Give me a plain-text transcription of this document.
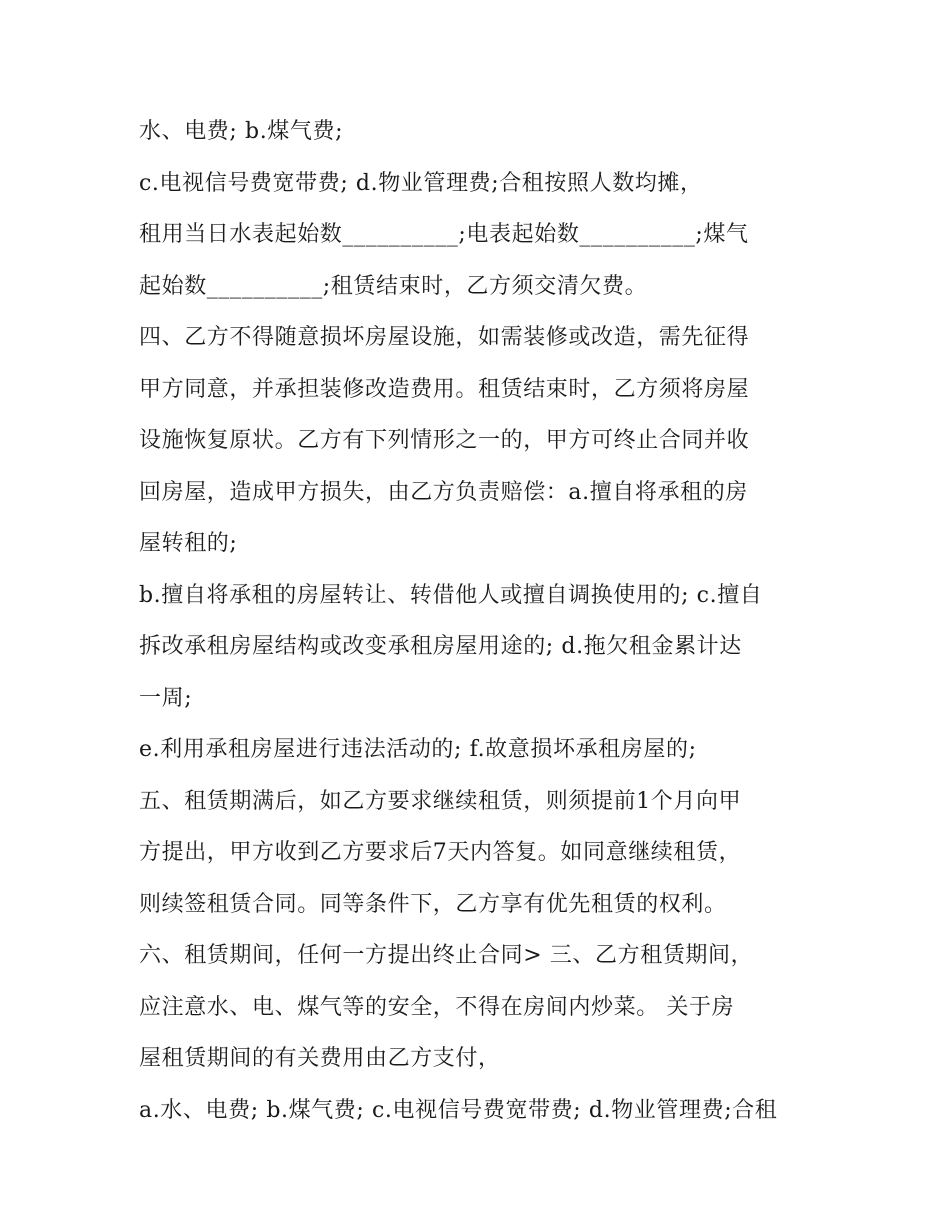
水、电费; b.煤气费;
c.电视信号费宽带费; d.物业管理费;合租按照人数均摊，
租用当日水表起始数__________;电表起始数__________;煤气
起始数__________;租赁结束时，乙方须交清欠费。
四、乙方不得随意损坏房屋设施，如需装修或改造，需先征得
甲方同意，并承担装修改造费用。租赁结束时，乙方须将房屋
设施恢复原状。乙方有下列情形之一的，甲方可终止合同并收
回房屋，造成甲方损失，由乙方负责赔偿：a.擅自将承租的房
屋转租的;
b.擅自将承租的房屋转让、转借他人或擅自调换使用的; c.擅自
拆改承租房屋结构或改变承租房屋用途的; d.拖欠租金累计达
一周;
e.利用承租房屋进行违法活动的; f.故意损坏承租房屋的;
五、租赁期满后，如乙方要求继续租赁，则须提前1个月向甲
方提出，甲方收到乙方要求后7天内答复。如同意继续租赁，
则续签租赁合同。同等条件下，乙方享有优先租赁的权利。
六、租赁期间，任何一方提出终止合同> 三、乙方租赁期间，
应注意水、电、煤气等的安全，不得在房间内炒菜。 关于房
屋租赁期间的有关费用由乙方支付，
a.水、电费; b.煤气费; c.电视信号费宽带费; d.物业管理费;合租
